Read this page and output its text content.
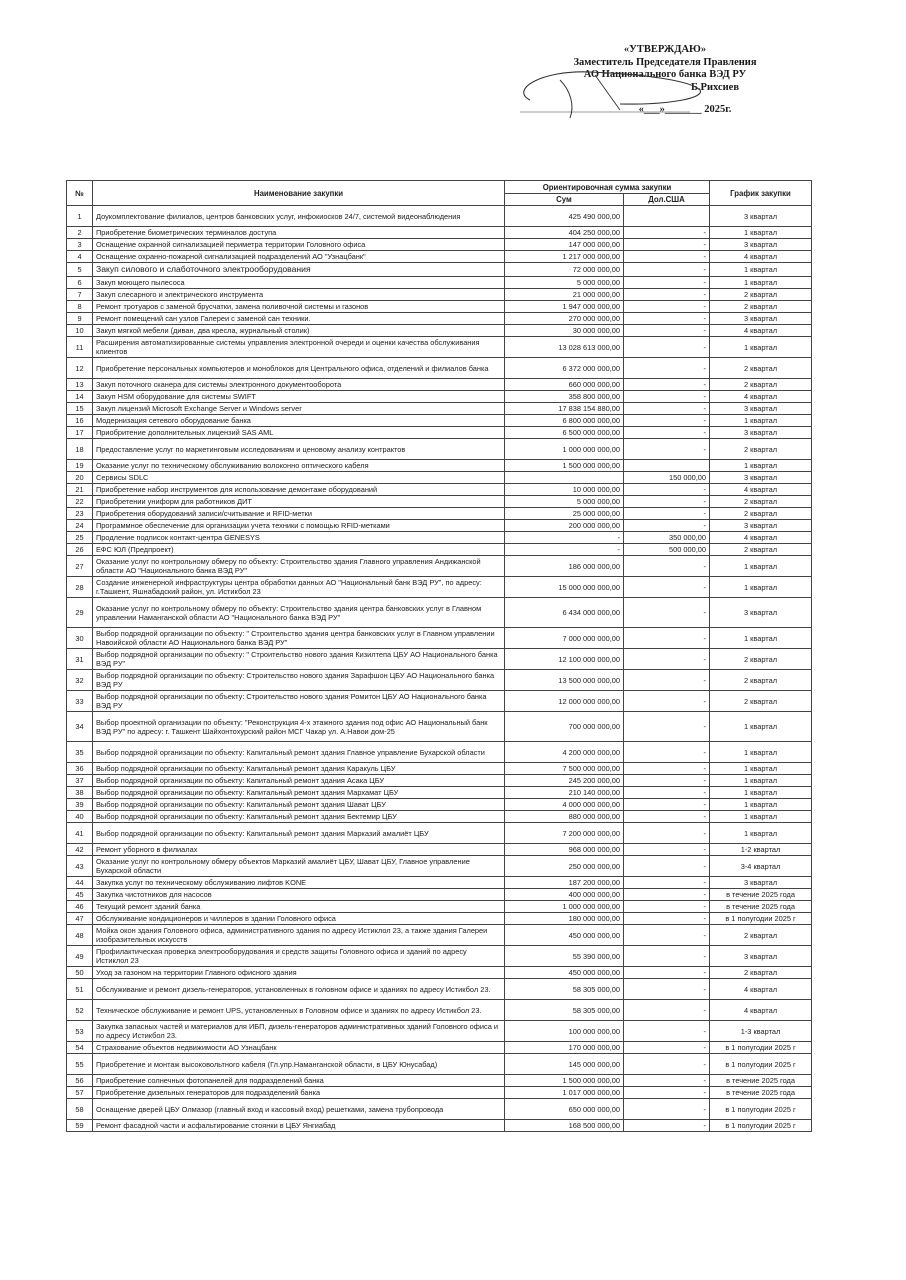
«УТВЕРЖДАЮ»
Заместитель Председателя Правления
АО Национального банка ВЭД РУ
Б.Рихсиев
«___»_______ 2025г.
№	Наименование закупки	Ориентировочная сумма закупки		График закупки
		Сум	Дол.США	
1	Доукомплектование филиалов, центров банковских услуг, инфокиосков 24/7, системой видеонаблюдения	425 490 000,00		3 квартал
2	Приобретение биометрических терминалов доступа	404 250 000,00	-	1 квартал
3	Оснащение охранной сигнализацией периметра территории Головного офиса	147 000 000,00	-	3 квартал
4	Оснащение охранно-пожарной сигнализацией подразделений АО "Узнацбанк"	1 217 000 000,00	-	4 квартал
5	Закуп силового и слаботочного электрооборудования	72 000 000,00	-	1 квартал
6	Закуп моющего пылесоса	5 000 000,00	-	1 квартал
7	Закуп слесарного и электрического инструмента	21 000 000,00	-	2 квартал
8	Ремонт тротуаров с заменой брусчатки, замена поливочной системы и газонов	1 947 000 000,00	-	2 квартал
9	Ремонт помещений сан узлов Галереи с заменой сан техники.	270 000 000,00	-	3 квартал
10	Закуп мягкой мебели (диван, два кресла, журнальный столик)	30 000 000,00	-	4 квартал
11	Расширения автоматизированные системы управления электронной очереди и оценки качества обслуживания клиентов	13 028 613 000,00	-	1 квартал
12	Приобретение персональных компьютеров и моноблоков для Центрального офиса, отделений и филиалов банка	6 372 000 000,00	-	2 квартал
13	Закуп поточного сканера для системы электронного документооборота	660 000 000,00	-	2 квартал
14	Закуп HSM оборудование для системы SWIFT	358 800 000,00	-	4 квартал
15	Закуп лицензий Microsoft Exchange Server и Windows server	17 838 154 880,00	-	3 квартал
16	Модернизация сетевого оборудование банка	6 800 000 000,00	-	1 квартал
17	Приобритение дополнительных лицензий SAS AML	6 500 000 000,00	-	3 квартал
18	Предоставление услуг по маркетинговым исследованиям и ценовому анализу контрактов	1 000 000 000,00	-	2 квартал
19	Оказание услуг по техническому обслуживанию волоконно оптического кабеля	1 500 000 000,00		1 квартал
20	Сервисы SDLC		150 000,00	3 квартал
21	Приобретение набор инструментов для использование демонтаже оборудований	10 000 000,00	-	4 квартал
22	Приобретении униформ для работников ДИТ	5 000 000,00	-	2 квартал
23	Приобретения оборудований записи/считывание и RFID-метки	25 000 000,00	-	2 квартал
24	Программное обеспечение для организации учета техники с помощью RFID-метками	200 000 000,00	-	3 квартал
25	Продление подписок контакт-центра GENESYS	-	350 000,00	4 квартал
26	ЕФС ЮЛ (Предпроект)	-	500 000,00	2 квартал
27	Оказание услуг по контрольному обмеру по объекту: Строительство здания Главного управления Андижанской области АО "Национального банка ВЭД РУ"	186 000 000,00	-	1 квартал
28	Создание инженерной инфраструктуры центра обработки данных АО "Национальный банк ВЭД РУ", по адресу: г.Ташкент, Яшнабадский район, ул. Истикбол 23	15 000 000 000,00	-	1 квартал
29	Оказание услуг по контрольному обмеру по объекту: Строительство здания центра банковских услуг в Главном управлении Наманганской области АО "Национального банка ВЭД РУ"	6 434 000 000,00	-	3 квартал
30	Выбор подрядной организации по объекту: " Строительство здания центра банковских услуг в Главном управлении Навоийской области АО Национального банка ВЭД РУ"	7 000 000 000,00	-	1 квартал
31	Выбор подрядной организации по объекту: " Строительство нового здания Кизилтепа ЦБУ АО Национального банка ВЭД РУ"	12 100 000 000,00	-	2 квартал
32	Выбор подрядной организации по объекту: Строительство нового здания Зарафшон ЦБУ АО Национального банка ВЭД РУ	13 500 000 000,00	-	2 квартал
33	Выбор подрядной организации по объекту: Строительство нового здания Ромитон ЦБУ АО Национального банка ВЭД РУ	12 000 000 000,00	-	2 квартал
34	Выбор проектной организации по объекту: "Реконструкция 4-х этажного здания под офис АО Национальный банк ВЭД РУ" по адресу: г. Ташкент Шайхонтохурский район МСГ Чакар ул. А.Навои дом-25	700 000 000,00	-	1 квартал
35	Выбор подрядной организации по объекту: Капитальный ремонт здания Главное управление Бухарской области	4 200 000 000,00	-	1 квартал
36	Выбор подрядной организации по объекту: Капитальный ремонт здания Каракуль ЦБУ	7 500 000 000,00	-	1 квартал
37	Выбор подрядной организации по объекту: Капитальный ремонт здания Асака ЦБУ	245 200 000,00	-	1 квартал
38	Выбор подрядной организации по объекту: Капитальный ремонт здания Мархамат ЦБУ	210 140 000,00	-	1 квартал
39	Выбор подрядной организации по объекту: Капитальный ремонт здания Шават ЦБУ	4 000 000 000,00	-	1 квартал
40	Выбор подрядной организации по объекту: Капитальный ремонт здания Бектемир ЦБУ	880 000 000,00	-	1 квартал
41	Выбор подрядной организации по объекту: Капитальный ремонт здания Марказий амалиёт ЦБУ	7 200 000 000,00	-	1 квартал
42	Ремонт уборного в филиалах	968 000 000,00	-	1-2 квартал
43	Оказание услуг по контрольному обмеру объектов Марказий амалиёт ЦБУ, Шават ЦБУ, Главное управление Бухарской области	250 000 000,00	-	3-4 квартал
44	Закупка услуг по техническому обслуживанию лифтов KONE	187 200 000,00	-	3 квартал
45	Закупка чистотников для насосов	400 000 000,00	-	в течение 2025 года
46	Текущий ремонт зданий банка	1 000 000 000,00	-	в течение 2025 года
47	Обслуживание кондиционеров и чиллеров в здании Головного офиса	180 000 000,00	-	в 1 полугодии 2025 г
48	Мойка окон здания Головного офиса, административного здания по адресу Истиклол 23, а также здания Галереи изобразительных искусств	450 000 000,00	-	2 квартал
49	Профилактическая проверка электрооборудования и средств защиты Головного офиса и зданий по адресу Истиклол 23	55 390 000,00	-	3 квартал
50	Уход за газоном на территории Главного офисного здания	450 000 000,00	-	2 квартал
51	Обслуживание и ремонт дизель-генераторов, установленных в головном офисе и зданиях по адресу Истикбол 23.	58 305 000,00	-	4 квартал
52	Техническое обслуживание и ремонт UPS, установленных в Головном офисе и зданиях по адресу Истикбол 23.	58 305 000,00	-	4 квартал
53	Закупка запасных частей и материалов для ИБП, дизель-генераторов административных зданий Головного офиса и по адресу Истикбол 23.	100 000 000,00	-	1-3 квартал
54	Страхование объектов недвижимости АО Узнацбанк	170 000 000,00	-	в 1 полугодии 2025 г
55	Приобретение и монтаж высоковольтного кабеля (Гл.упр.Наманганской области, в ЦБУ Юнусабад)	145 000 000,00	-	в 1 полугодии 2025 г
56	Приобретение солнечных фотопанелей для подразделений банка	1 500 000 000,00	-	в течение 2025 года
57	Приобретение дизельных генераторов для подразделений банка	1 017 000 000,00	-	в течение 2025 года
58	Оснащение дверей ЦБУ Олмазор (главный вход и кассовый вход) решетками, замена трубопровода	650 000 000,00	-	в 1 полугодии 2025 г
59	Ремонт фасадной части и асфальтирование стоянки в ЦБУ Янгиабад	168 500 000,00	-	в 1 полугодии 2025 г
